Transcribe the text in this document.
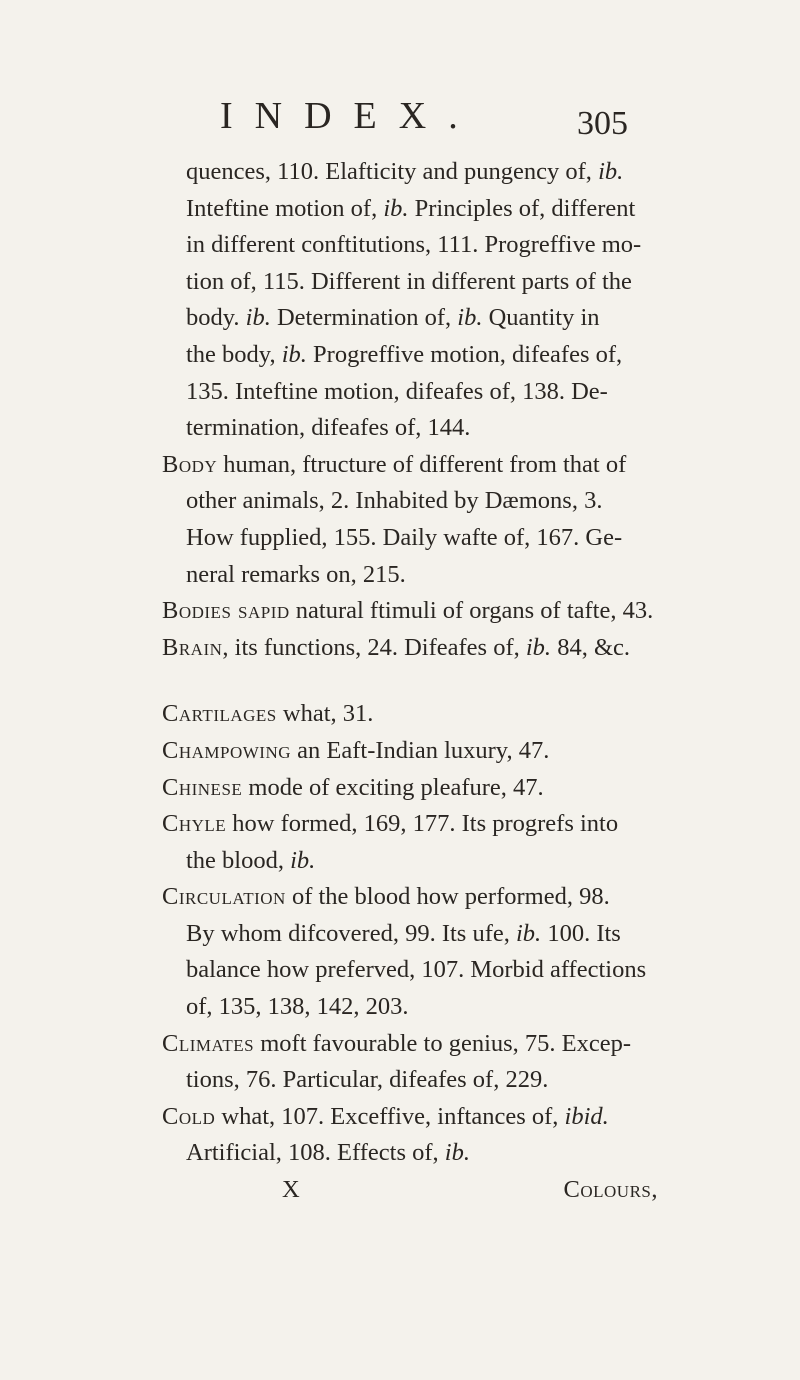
INDEX.	305
quences, 110. Elafticity and pungency of, ib.
Inteftine motion of, ib. Principles of, different
in different conftitutions, 111. Progreffive mo-
tion of, 115. Different in different parts of the
body. ib. Determination of, ib. Quantity in
the body, ib. Progreffive motion, difeafes of,
135. Inteftine motion, difeafes of, 138. De-
termination, difeafes of, 144.
Body human, ftructure of different from that of
other animals, 2. Inhabited by Dæmons, 3.
How fupplied, 155. Daily wafte of, 167. Ge-
neral remarks on, 215.
Bodies sapid natural ftimuli of organs of tafte, 43.
Brain, its functions, 24. Difeafes of, ib. 84, &c.
Cartilages what, 31.
Champowing an Eaft-Indian luxury, 47.
Chinese mode of exciting pleafure, 47.
Chyle how formed, 169, 177. Its progrefs into
the blood, ib.
Circulation of the blood how performed, 98.
By whom difcovered, 99. Its ufe, ib. 100. Its
balance how preferved, 107. Morbid affections
of, 135, 138, 142, 203.
Climates moft favourable to genius, 75. Excep-
tions, 76. Particular, difeafes of, 229.
Cold what, 107. Exceffive, inftances of, ibid.
Artificial, 108. Effects of, ib.
X	Colours,
